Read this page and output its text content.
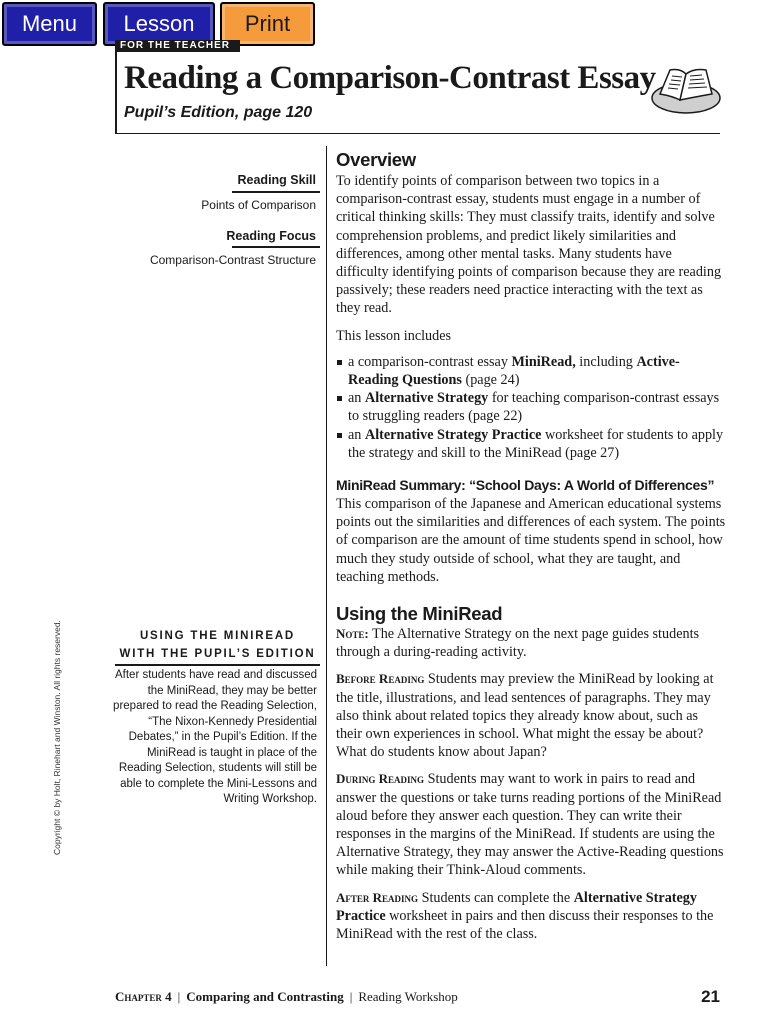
Menu	Lesson	Print
FOR THE TEACHER
Reading a Comparison-Contrast Essay
Pupil’s Edition, page 120
Reading Skill
Points of Comparison
Reading Focus
Comparison-Contrast Structure
USING THE MINIREAD
WITH THE PUPIL’S EDITION
After students have read and discussed the MiniRead, they may be better prepared to read the Reading Selection, “The Nixon-Kennedy Presidential Debates,” in the Pupil’s Edition. If the MiniRead is taught in place of the Reading Selection, students will still be able to complete the Mini-Lessons and Writing Workshop.
Copyright © by Holt, Rinehart and Winston. All rights reserved.
Overview
To identify points of comparison between two topics in a comparison-contrast essay, students must engage in a number of critical thinking skills: They must classify traits, identify and solve comprehension problems, and predict likely similarities and differences, among other mental tasks. Many students have difficulty identifying points of comparison because they are reading passively; these readers need practice interacting with the text as they read.
This lesson includes
a comparison-contrast essay MiniRead, including Active-Reading Questions (page 24)
an Alternative Strategy for teaching comparison-contrast essays to struggling readers (page 22)
an Alternative Strategy Practice worksheet for students to apply the strategy and skill to the MiniRead (page 27)
MiniRead Summary: “School Days: A World of Differences”
This comparison of the Japanese and American educational systems points out the similarities and differences of each system. The points of comparison are the amount of time students spend in school, how much they study outside of school, what they are taught, and teaching methods.
Using the MiniRead
Note: The Alternative Strategy on the next page guides students through a during-reading activity.
Before Reading Students may preview the MiniRead by looking at the title, illustrations, and lead sentences of paragraphs. They may also think about related topics they already know about, such as their own experiences in school. What might the essay be about? What do students know about Japan?
During Reading Students may want to work in pairs to read and answer the questions or take turns reading portions of the MiniRead aloud before they answer each question. They can write their responses in the margins of the MiniRead. If students are using the Alternative Strategy, they may answer the Active-Reading questions while making their Think-Aloud comments.
After Reading Students can complete the Alternative Strategy Practice worksheet in pairs and then discuss their responses to the MiniRead with the rest of the class.
Chapter 4 | Comparing and Contrasting | Reading Workshop	21
